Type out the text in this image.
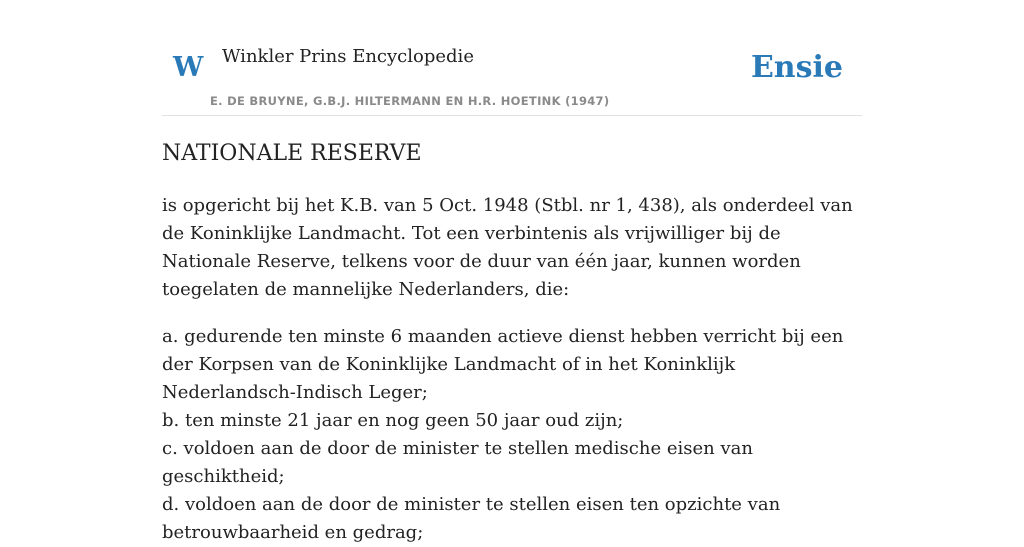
W Winkler Prins Encyclopedie	Ensie
E. DE BRUYNE, G.B.J. HILTERMANN EN H.R. HOETINK (1947)
NATIONALE RESERVE

is opgericht bij het K.B. van 5 Oct. 1948 (Stbl. nr 1, 438), als onderdeel van de Koninklijke Landmacht. Tot een verbintenis als vrijwilliger bij de Nationale Reserve, telkens voor de duur van één jaar, kunnen worden toegelaten de mannelijke Nederlanders, die:

a. gedurende ten minste 6 maanden actieve dienst hebben verricht bij een der Korpsen van de Koninklijke Landmacht of in het Koninklijk Nederlandsch-Indisch Leger;

b. ten minste 21 jaar en nog geen 50 jaar oud zijn;

c. voldoen aan de door de minister te stellen medische eisen van geschiktheid;

d. voldoen aan de door de minister te stellen eisen ten opzichte van betrouwbaarheid en gedrag;
